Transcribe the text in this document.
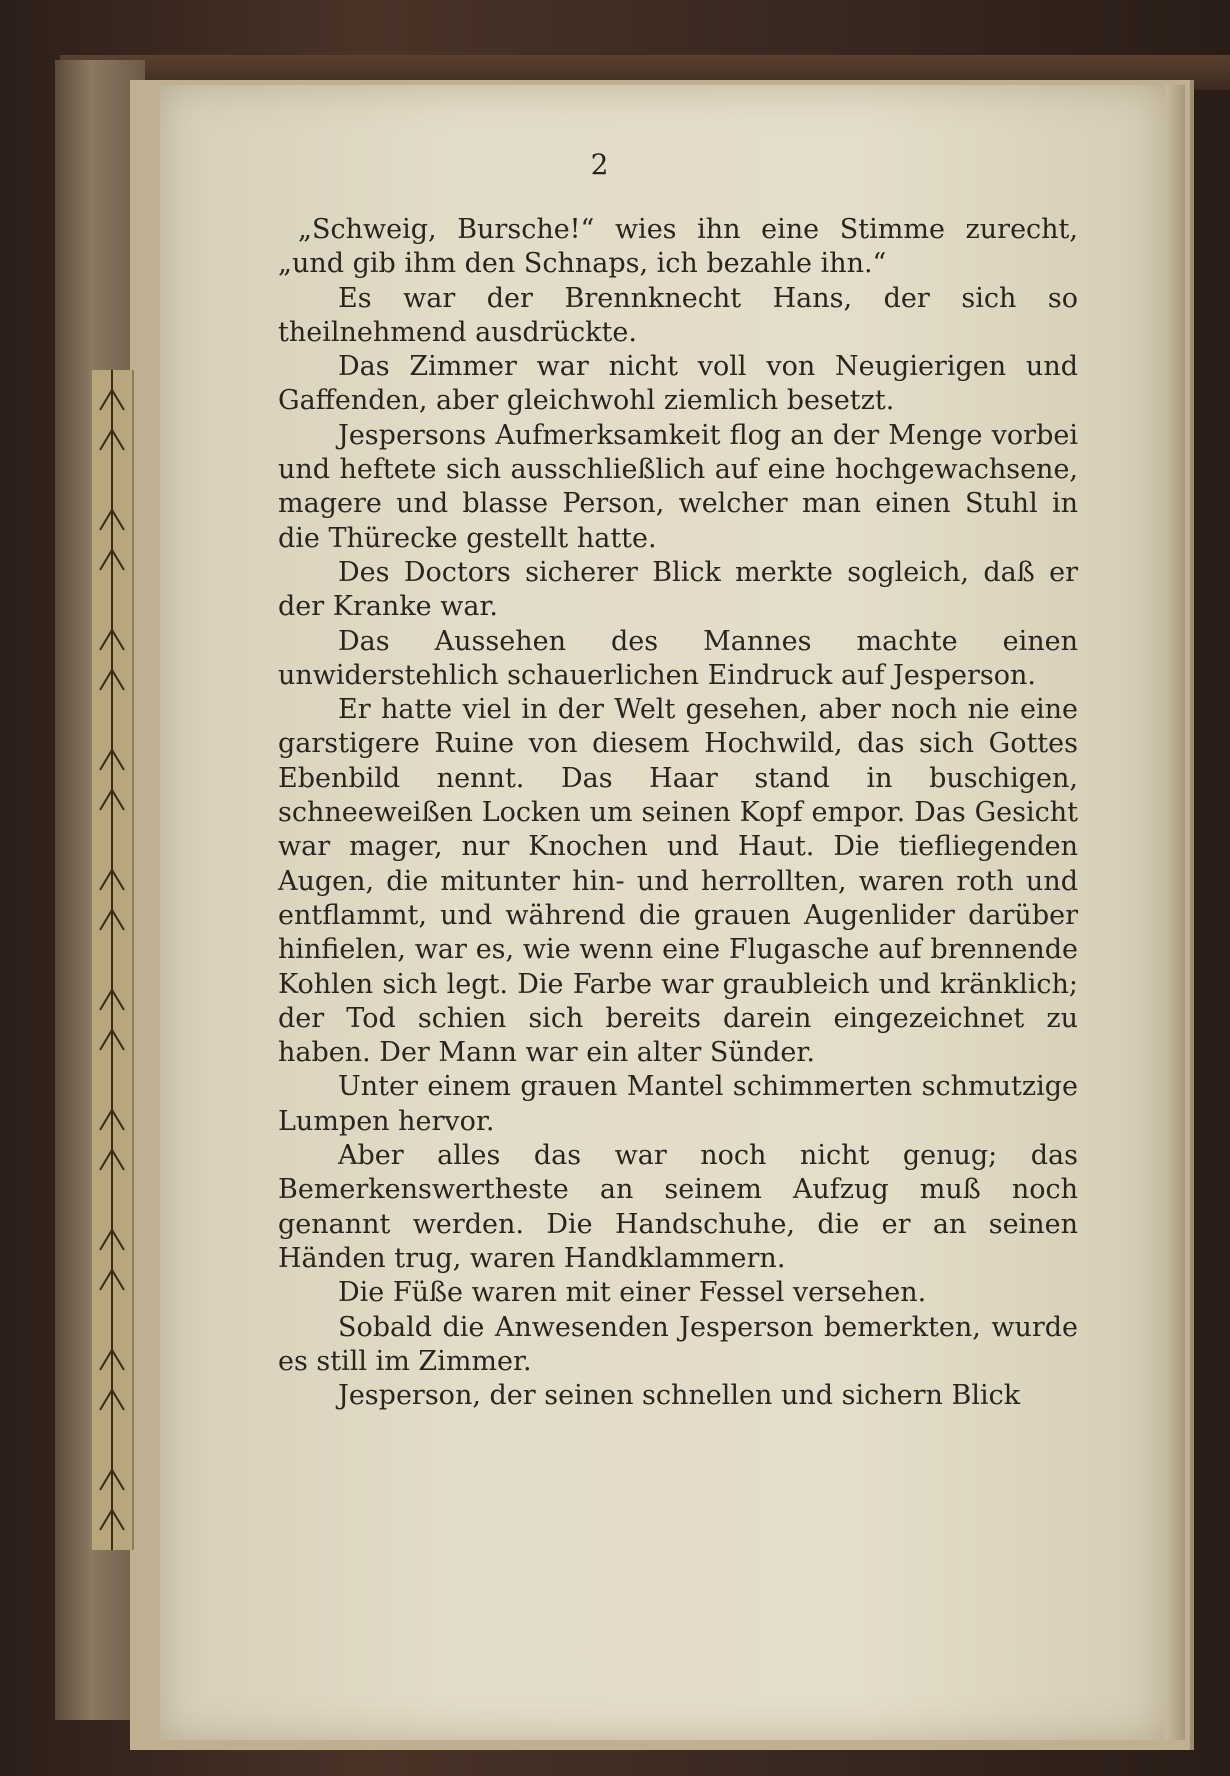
2

„Schweig, Bursche!“ wies ihn eine Stimme zurecht, „und gib ihm den Schnaps, ich bezahle ihn.“

Es war der Brennknecht Hans, der sich so theilnehmend ausdrückte.

Das Zimmer war nicht voll von Neugierigen und Gaffenden, aber gleichwohl ziemlich besetzt.

Jespersons Aufmerksamkeit flog an der Menge vorbei und heftete sich ausschließlich auf eine hochgewachsene, magere und blasse Person, welcher man einen Stuhl in die Thürecke gestellt hatte.

Des Doctors sicherer Blick merkte sogleich, daß er der Kranke war.

Das Aussehen des Mannes machte einen unwiderstehlich schauerlichen Eindruck auf Jesperson.

Er hatte viel in der Welt gesehen, aber noch nie eine garstigere Ruine von diesem Hochwild, das sich Gottes Ebenbild nennt. Das Haar stand in buschigen, schneeweißen Locken um seinen Kopf empor. Das Gesicht war mager, nur Knochen und Haut. Die tiefliegenden Augen, die mitunter hin- und herrollten, waren roth und entflammt, und während die grauen Augenlider darüber hinfielen, war es, wie wenn eine Flugasche auf brennende Kohlen sich legt. Die Farbe war graubleich und kränklich; der Tod schien sich bereits darein eingezeichnet zu haben. Der Mann war ein alter Sünder.

Unter einem grauen Mantel schimmerten schmutzige Lumpen hervor.

Aber alles das war noch nicht genug; das Bemerkenswertheste an seinem Aufzug muß noch genannt werden. Die Handschuhe, die er an seinen Händen trug, waren Handklammern.

Die Füße waren mit einer Fessel versehen.

Sobald die Anwesenden Jesperson bemerkten, wurde es still im Zimmer.

Jesperson, der seinen schnellen und sichern Blick
